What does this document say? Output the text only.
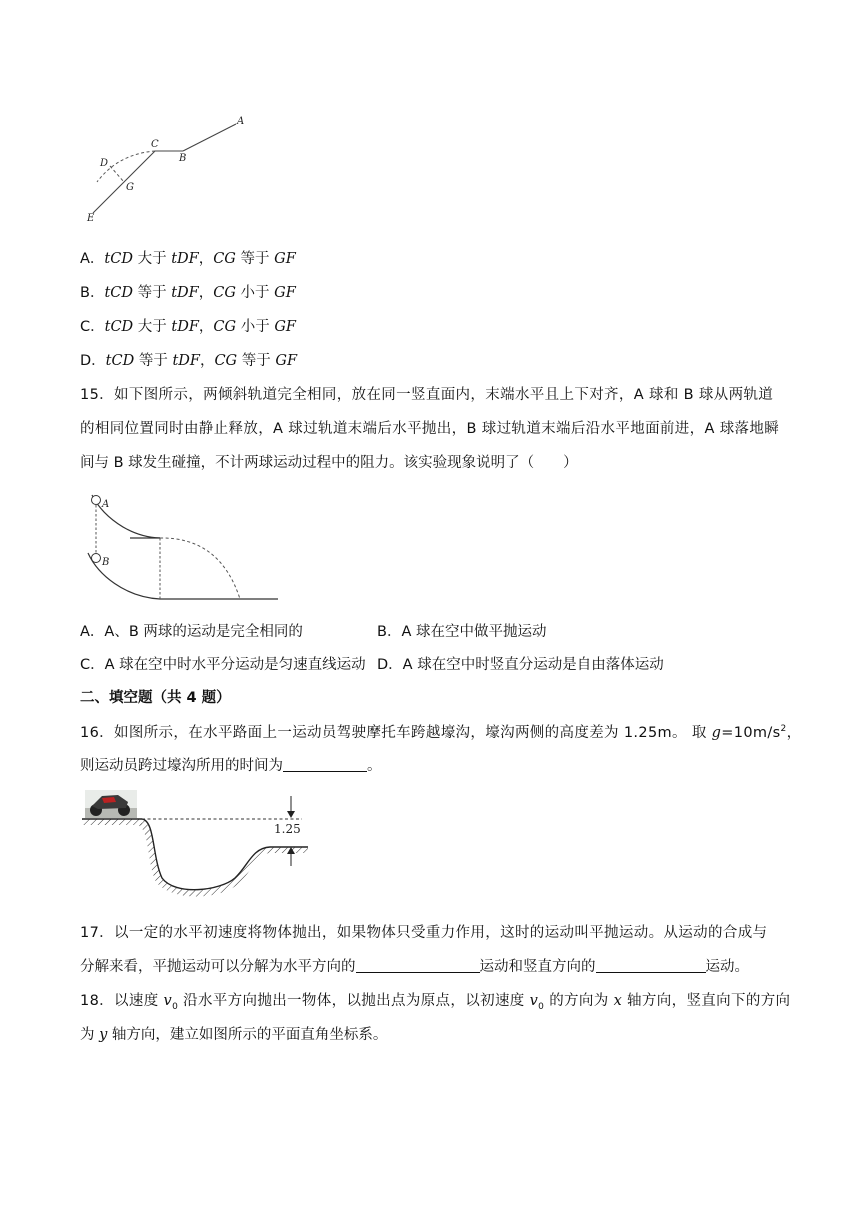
A
B
C
D
G
E
A．tCD 大于 tDF，CG 等于 GF
B．tCD 等于 tDF，CG 小于 GF
C．tCD 大于 tDF，CG 小于 GF
D．tCD 等于 tDF，CG 等于 GF
15．如下图所示，两倾斜轨道完全相同，放在同一竖直面内，末端水平且上下对齐，A 球和 B 球从两轨道
的相同位置同时由静止释放，A 球过轨道末端后水平抛出，B 球过轨道末端后沿水平地面前进，A 球落地瞬
间与 B 球发生碰撞，不计两球运动过程中的阻力。该实验现象说明了（　　）
A
B
A．A、B 两球的运动是完全相同的	B．A 球在空中做平抛运动
C．A 球在空中时水平分运动是匀速直线运动 D．A 球在空中时竖直分运动是自由落体运动
二、填空题（共 4 题）
16．如图所示，在水平路面上一运动员驾驶摩托车跨越壕沟，壕沟两侧的高度差为 1.25m。 取 $g=10m/s^2$，
则运动员跨过壕沟所用的时间为	。
1.25
17．以一定的水平初速度将物体抛出，如果物体只受重力作用，这时的运动叫平抛运动。从运动的合成与
分解来看，平抛运动可以分解为水平方向的	运动和竖直方向的	运动。
18．以速度 $v_0$ 沿水平方向抛出一物体，以抛出点为原点，以初速度 $v_0$ 的方向为 x 轴方向，竖直向下的方向
为 y 轴方向，建立如图所示的平面直角坐标系。
